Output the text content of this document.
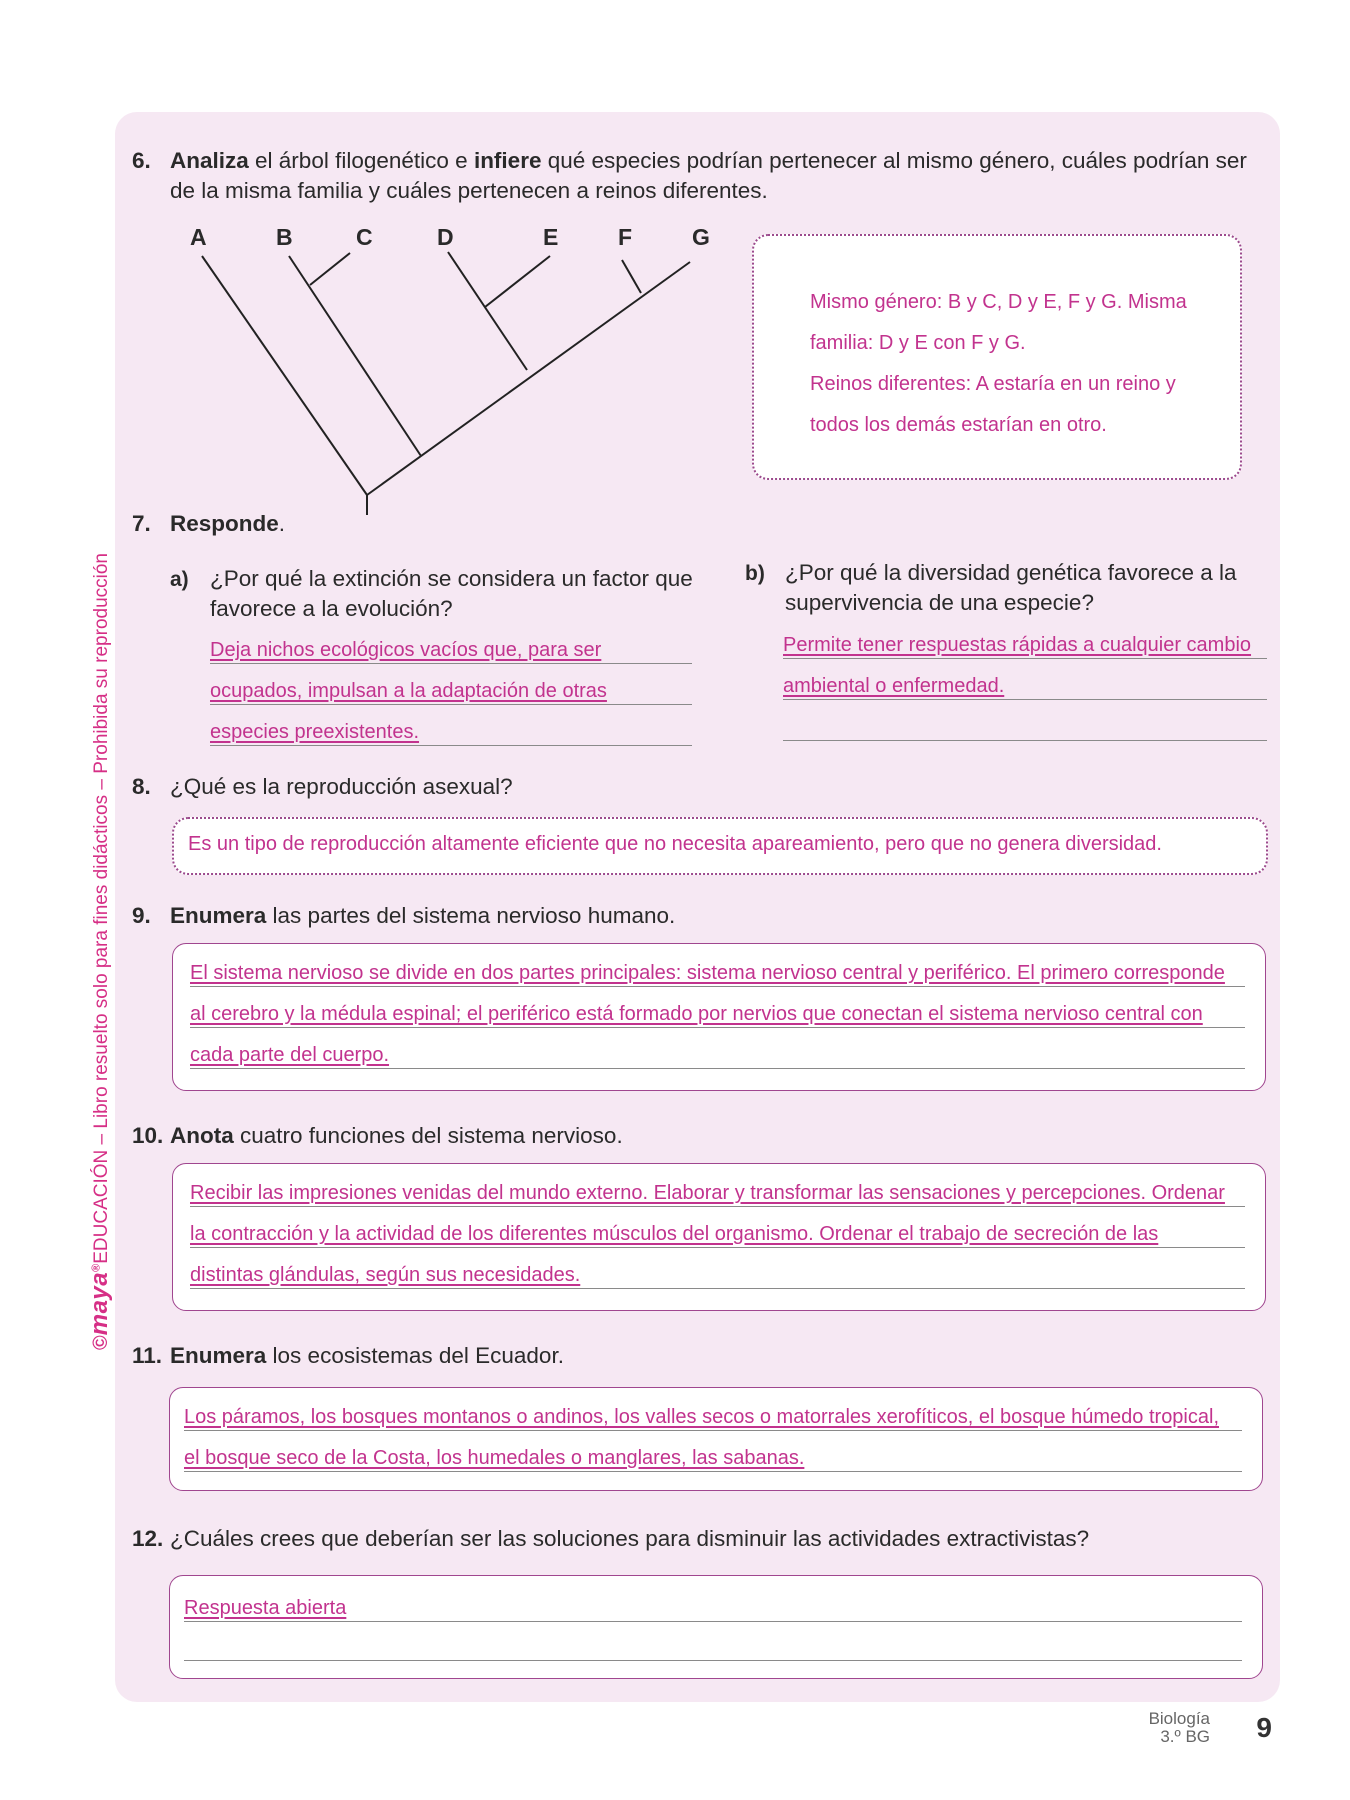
©maya®EDUCACIÓN – Libro resuelto solo para fines didácticos – Prohibida su reproducción
6. Analiza el árbol filogenético e infiere qué especies podrían pertenecer al mismo género, cuáles podrían ser
de la misma familia y cuáles pertenecen a reinos diferentes.
A	B	C	D	E	F	G
Mismo género: B y C, D y E, F y G. Misma
familia: D y E con F y G.
Reinos diferentes: A estaría en un reino y
todos los demás estarían en otro.
7. Responde.
a) ¿Por qué la extinción se considera un factor que
favorece a la evolución?
Deja nichos ecológicos vacíos que, para ser
ocupados, impulsan a la adaptación de otras
especies preexistentes.
b) ¿Por qué la diversidad genética favorece a la
supervivencia de una especie?
Permite tener respuestas rápidas a cualquier cambio
ambiental o enfermedad.
8. ¿Qué es la reproducción asexual?
Es un tipo de reproducción altamente eficiente que no necesita apareamiento, pero que no genera diversidad.
9. Enumera las partes del sistema nervioso humano.
El sistema nervioso se divide en dos partes principales: sistema nervioso central y periférico. El primero corresponde
al cerebro y la médula espinal; el periférico está formado por nervios que conectan el sistema nervioso central con
cada parte del cuerpo.
10. Anota cuatro funciones del sistema nervioso.
Recibir las impresiones venidas del mundo externo. Elaborar y transformar las sensaciones y percepciones. Ordenar
la contracción y la actividad de los diferentes músculos del organismo. Ordenar el trabajo de secreción de las
distintas glándulas, según sus necesidades.
11. Enumera los ecosistemas del Ecuador.
Los páramos, los bosques montanos o andinos, los valles secos o matorrales xerofíticos, el bosque húmedo tropical,
el bosque seco de la Costa, los humedales o manglares, las sabanas.
12. ¿Cuáles crees que deberían ser las soluciones para disminuir las actividades extractivistas?
Respuesta abierta
Biología
3.º BG 9
